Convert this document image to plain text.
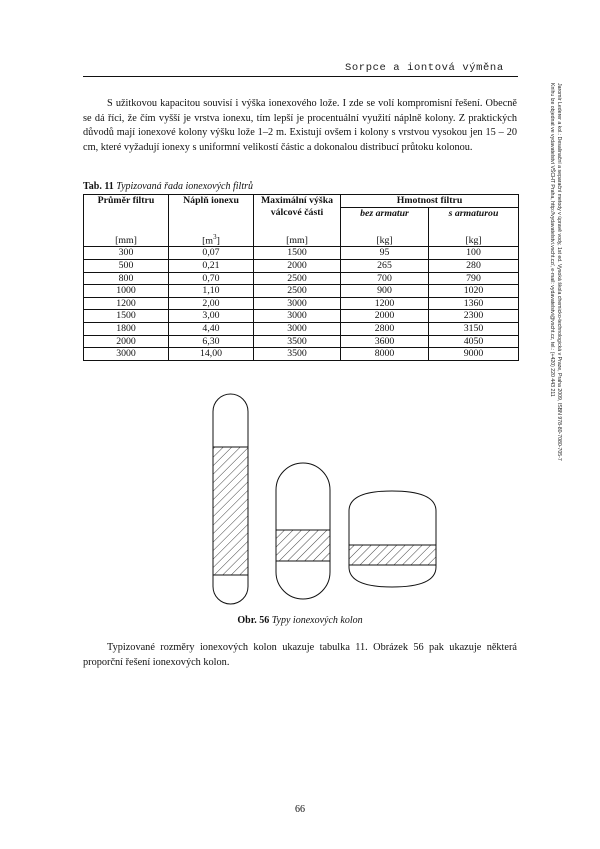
Sorpce a iontová výměna
Jaromír Lederer a kol.: Desalinační a separační metody v úpravě vody, 1st ed. Vysoká škola chemicko-technologická v Praze, Praha 2009, ISBN 978-80-7080-705-7
Knihu lze objednat ve vydavatelství VŠCHT Praha, http://vydavatelstvi.vscht.cz/, e-mail: vydavatelstvi@vscht.cz, tel.: (+420) 220 443 211

S užitkovou kapacitou souvisí i výška ionexového lože. I zde se volí kompromisní řešení. Obecně se dá říci, že čím vyšší je vrstva ionexu, tím lepší je procentuální využití náplně kolony. Z praktických důvodů mají ionexové kolony výšku lože 1–2 m. Existují ovšem i kolony s vrstvou vysokou jen 15 – 20 cm, které vyžadují ionexy s uniformní velikostí částic a dokonalou distribucí průtoku kolonou.

Tab. 11 Typizovaná řada ionexových filtrů
Průměr filtru	Náplň ionexu	Maximální výška válcové části	Hmotnost filtru	
			bez armatur	s armaturou
[mm]	$[m^3]$	[mm]	[kg]	[kg]
300	0,07	1500	95	100
500	0,21	2000	265	280
800	0,70	2500	700	790
1000	1,10	2500	900	1020
1200	2,00	3000	1200	1360
1500	3,00	3000	2000	2300
1800	4,40	3000	2800	3150
2000	6,30	3500	3600	4050
3000	14,00	3500	8000	9000
Obr. 56 Typy ionexových kolon

Typizované rozměry ionexových kolon ukazuje tabulka 11. Obrázek 56 pak ukazuje některá proporční řešení ionexových kolon.

66
